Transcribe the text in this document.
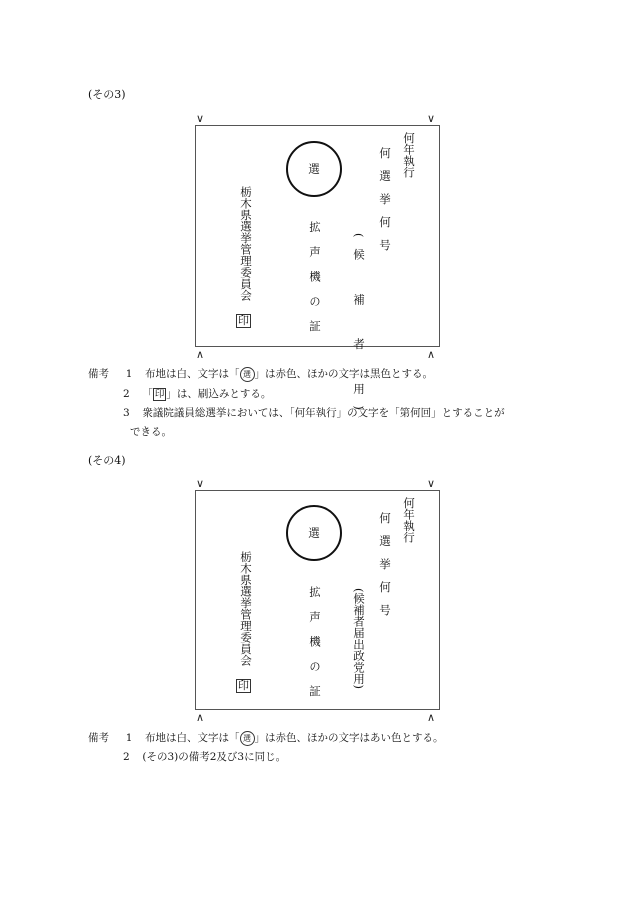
(その3)
∨	∨
何年執行
何　選　挙　何　号
(候　補　者　用)
選
拡声機の証
栃木県選挙管理委員会
印
∧	∧
備考 1 布地は白、文字は「 選 」は赤色、ほかの文字は黒色とする。
2 「 印 」は、刷込みとする。
3 衆議院議員総選挙においては、「何年執行」の文字を「第何回」とすることが
できる。
(その4)
∨	∨
何年執行
何　選　挙　何　号
(候補者届出政党用)
選
拡声機の証
栃木県選挙管理委員会
印
∧	∧
備考 1 布地は白、文字は「 選 」は赤色、ほかの文字はあい色とする。
2 (その3)の備考2及び3に同じ。
